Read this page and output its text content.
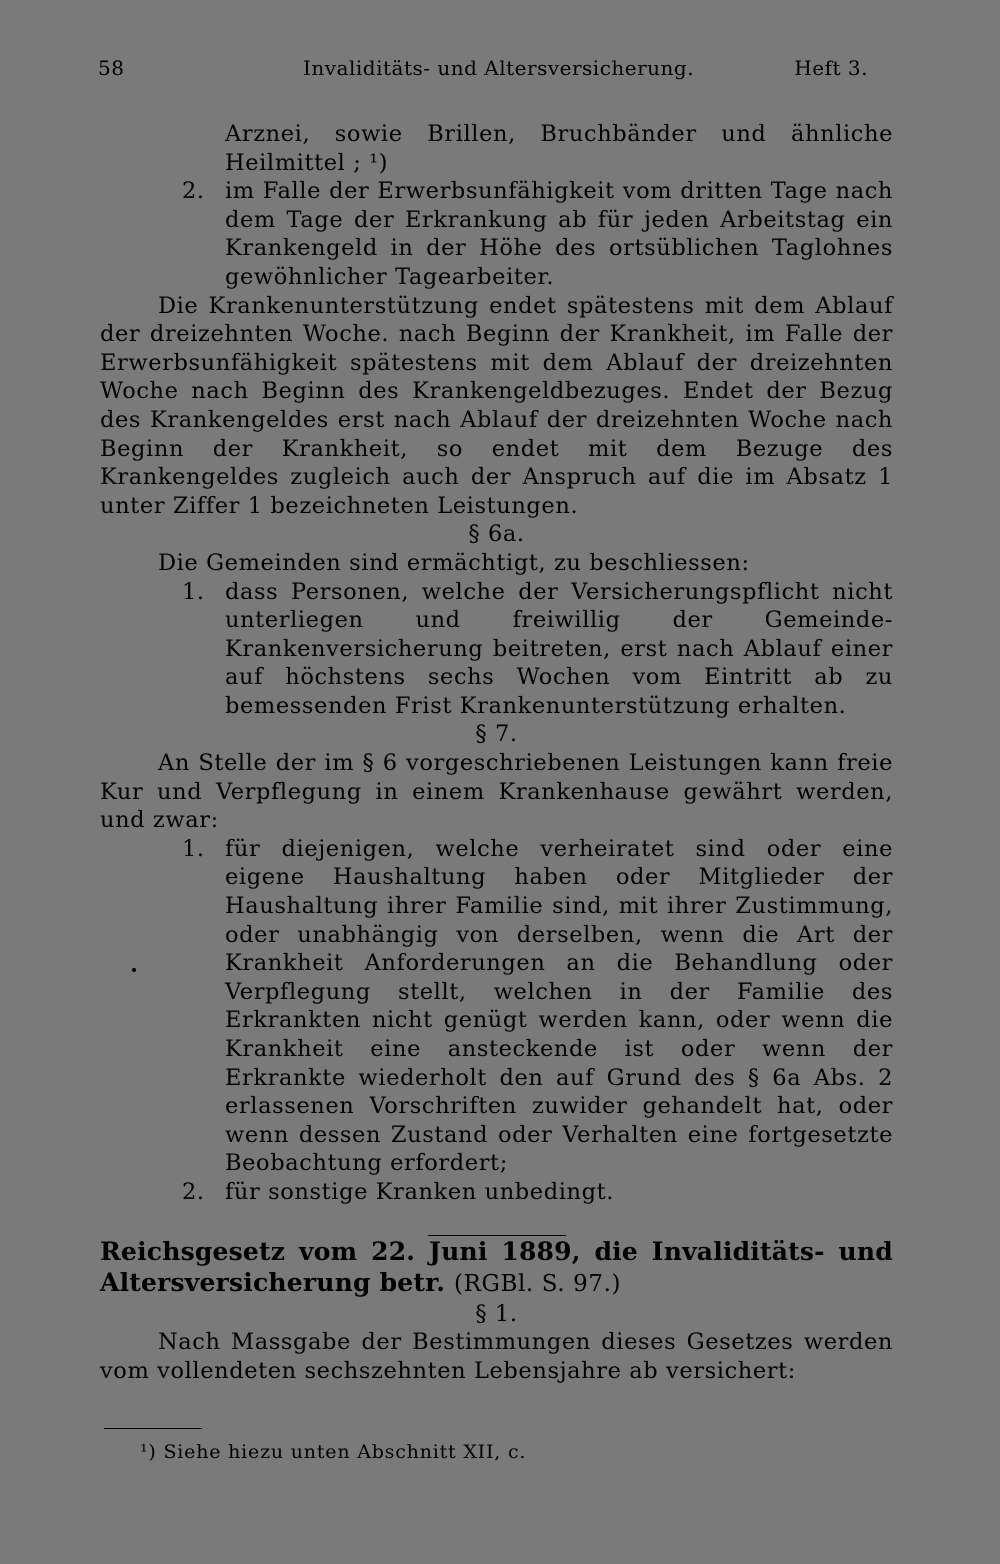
58	Invaliditäts- und Altersversicherung.	Heft 3.

Arznei, sowie Brillen, Bruchbänder und ähnliche Heilmittel ; ¹)

2. im Falle der Erwerbsunfähigkeit vom dritten Tage nach dem Tage der Erkrankung ab für jeden Arbeitstag ein Krankengeld in der Höhe des ortsüblichen Taglohnes gewöhnlicher Tagearbeiter.

Die Krankenunterstützung endet spätestens mit dem Ablauf der dreizehnten Woche. nach Beginn der Krankheit, im Falle der Erwerbsunfähigkeit spätestens mit dem Ablauf der dreizehnten Woche nach Beginn des Krankengeldbezuges. Endet der Bezug des Krankengeldes erst nach Ablauf der dreizehnten Woche nach Beginn der Krankheit, so endet mit dem Bezuge des Krankengeldes zugleich auch der Anspruch auf die im Absatz 1 unter Ziffer 1 bezeichneten Leistungen.

§ 6a.

Die Gemeinden sind ermächtigt, zu beschliessen:

1. dass Personen, welche der Versicherungspflicht nicht unterliegen und freiwillig der Gemeinde-Krankenversicherung beitreten, erst nach Ablauf einer auf höchstens sechs Wochen vom Eintritt ab zu bemessenden Frist Krankenunterstützung erhalten.

§ 7.

An Stelle der im § 6 vorgeschriebenen Leistungen kann freie Kur und Verpflegung in einem Krankenhause gewährt werden, und zwar:

1. für diejenigen, welche verheiratet sind oder eine eigene Haushaltung haben oder Mitglieder der Haushaltung ihrer Familie sind, mit ihrer Zustimmung, oder unabhängig von derselben, wenn die Art der Krankheit Anforderungen an die Behandlung oder Verpflegung stellt, welchen in der Familie des Erkrankten nicht genügt werden kann, oder wenn die Krankheit eine ansteckende ist oder wenn der Erkrankte wiederholt den auf Grund des § 6a Abs. 2 erlassenen Vorschriften zuwider gehandelt hat, oder wenn dessen Zustand oder Verhalten eine fortgesetzte Beobachtung erfordert;
2. für sonstige Kranken unbedingt.

Reichsgesetz vom 22. Juni 1889, die Invaliditäts- und Altersversicherung betr. (RGBl. S. 97.)

§ 1.

Nach Massgabe der Bestimmungen dieses Gesetzes werden vom vollendeten sechszehnten Lebensjahre ab versichert:

¹) Siehe hiezu unten Abschnitt XII, c.
